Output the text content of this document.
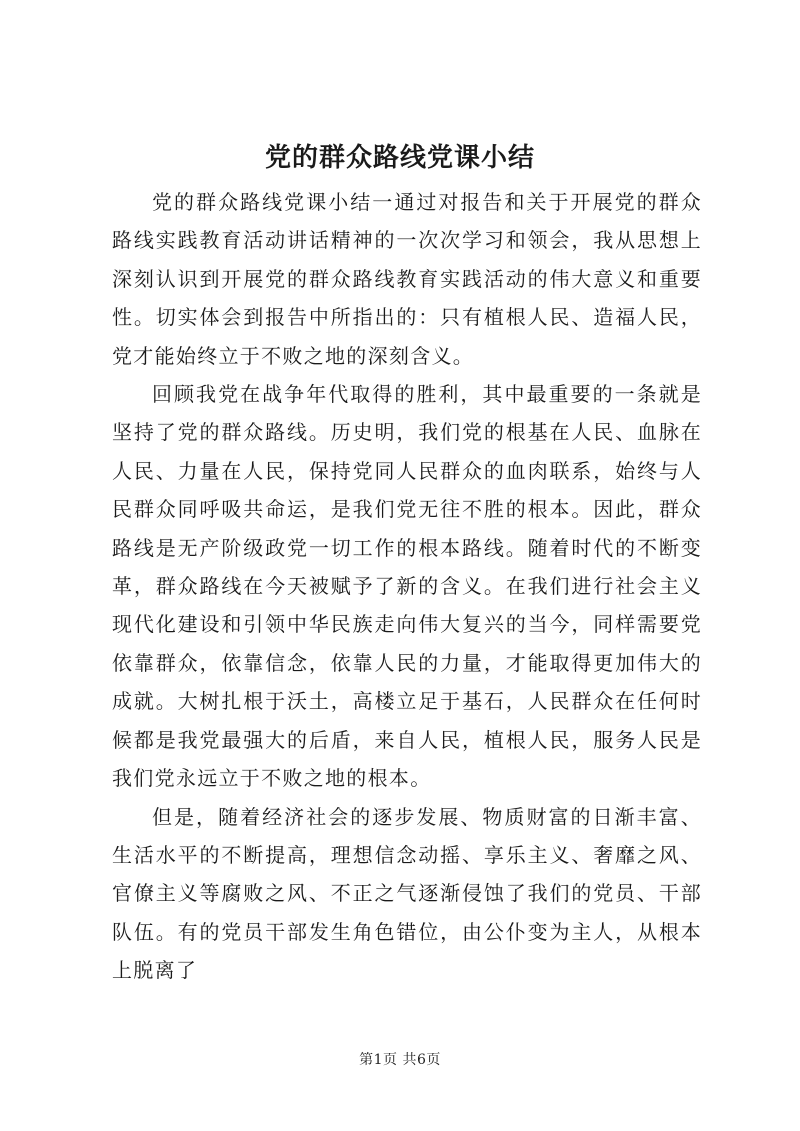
党的群众路线党课小结

党的群众路线党课小结一通过对报告和关于开展党的群众路线实践教育活动讲话精神的一次次学习和领会，我从思想上深刻认识到开展党的群众路线教育实践活动的伟大意义和重要性。切实体会到报告中所指出的：只有植根人民、造福人民，党才能始终立于不败之地的深刻含义。

回顾我党在战争年代取得的胜利，其中最重要的一条就是坚持了党的群众路线。历史明，我们党的根基在人民、血脉在人民、力量在人民，保持党同人民群众的血肉联系，始终与人民群众同呼吸共命运，是我们党无往不胜的根本。因此，群众路线是无产阶级政党一切工作的根本路线。随着时代的不断变革，群众路线在今天被赋予了新的含义。在我们进行社会主义现代化建设和引领中华民族走向伟大复兴的当今，同样需要党依靠群众，依靠信念，依靠人民的力量，才能取得更加伟大的成就。大树扎根于沃土，高楼立足于基石，人民群众在任何时候都是我党最强大的后盾，来自人民，植根人民，服务人民是我们党永远立于不败之地的根本。

但是，随着经济社会的逐步发展、物质财富的日渐丰富、生活水平的不断提高，理想信念动摇、享乐主义、奢靡之风、官僚主义等腐败之风、不正之气逐渐侵蚀了我们的党员、干部队伍。有的党员干部发生角色错位，由公仆变为主人，从根本上脱离了

第1页 共6页
